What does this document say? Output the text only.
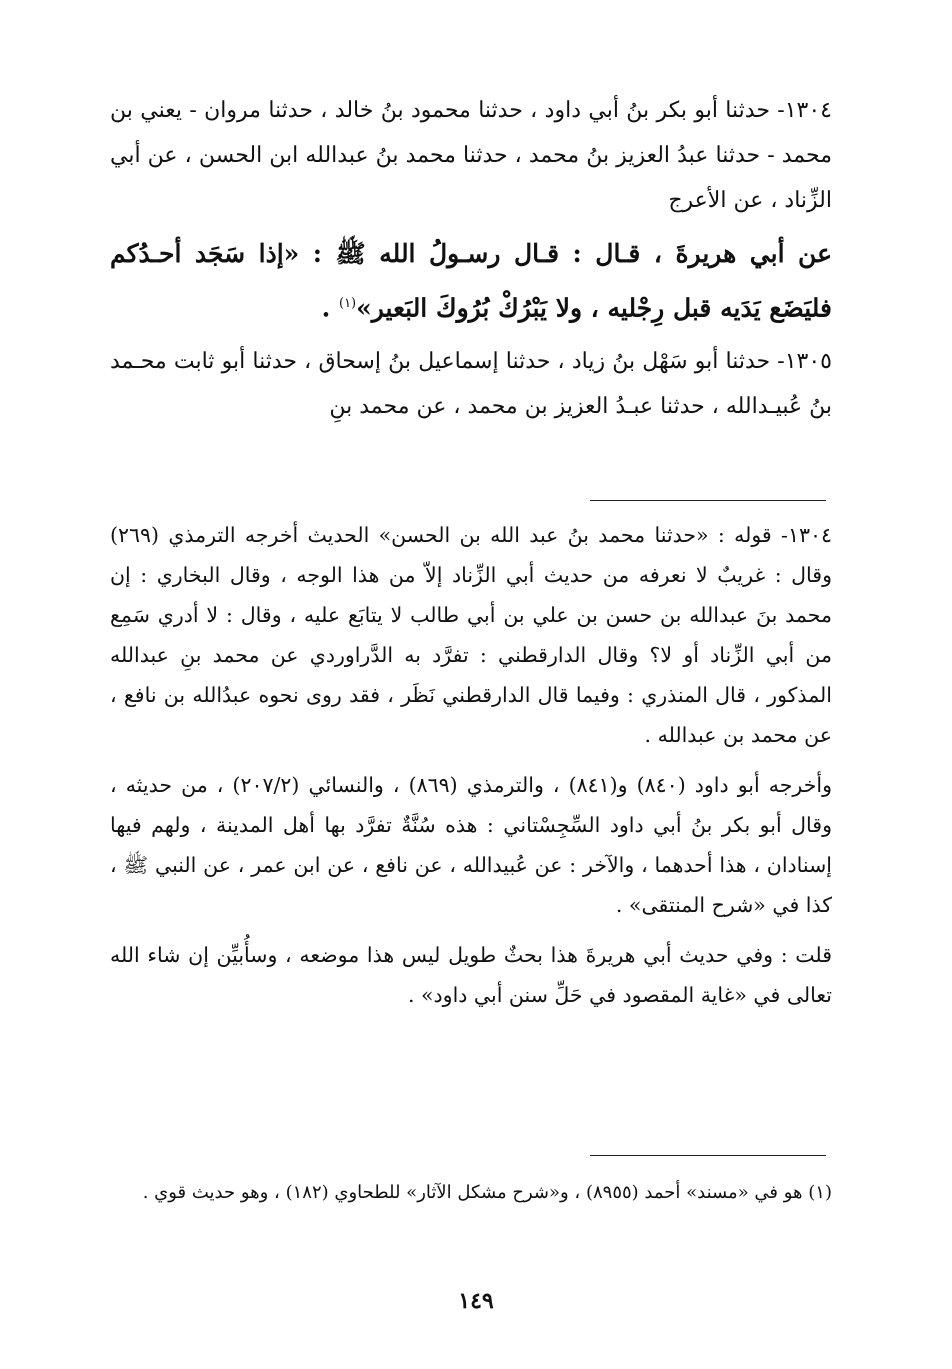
١٣٠٤- حدثنا أبو بكر بنُ أبي داود ، حدثنا محمود بنُ خالد ، حدثنا مروان - يعني بن محمد - حدثنا عبدُ العزيز بنُ محمد ، حدثنا محمد بنُ عبدالله ابن الحسن ، عن أبي الزِّناد ، عن الأعرج

عن أبي هريرةَ ، قـال : قـال رسـولُ الله ﷺ : «إذا سَجَد أحـدُكم فليَضَع يَدَيه قبل رِجْليه ، ولا يَبْرُكْ بُرُوكَ البَعير»$^{(١)}$ .

١٣٠٥- حدثنا أبو سَهْل بنُ زياد ، حدثنا إسماعيل بنُ إسحاق ، حدثنا أبو ثابت محـمد بنُ عُبيـدالله ، حدثنا عبـدُ العزيز بن محمد ، عن محمد بنِ

١٣٠٤- قوله : «حدثنا محمد بنُ عبد الله بن الحسن» الحديث أخرجه الترمذي (٢٦٩) وقال : غريبٌ لا نعرفه من حديث أبي الزِّناد إلاّ من هذا الوجه ، وقال البخاري : إن محمد بنَ عبدالله بن حسن بن علي بن أبي طالب لا يتابَع عليه ، وقال : لا أدري سَمِع من أبي الزِّناد أو لا؟ وقال الدارقطني : تفرَّد به الدَّراوردي عن محمد بنِ عبدالله المذكور ، قال المنذري : وفيما قال الدارقطني نَظَر ، فقد روى نحوه عبدُالله بن نافع ، عن محمد بن عبدالله .

وأخرجه أبو داود (٨٤٠) و(٨٤١) ، والترمذي (٨٦٩) ، والنسائي (٢٠٧/٢) ، من حديثه ، وقال أبو بكر بنُ أبي داود السِّجِسْتاني : هذه سُنَّةٌ تفرَّد بها أهل المدينة ، ولهم فيها إسنادان ، هذا أحدهما ، والآخر : عن عُبيدالله ، عن نافع ، عن ابن عمر ، عن النبي ﷺ ، كذا في «شرح المنتقى» .

قلت : وفي حديث أبي هريرةَ هذا بحثٌ طويل ليس هذا موضعه ، وسأُبيِّن إن شاء الله تعالى في «غاية المقصود في حَلِّ سنن أبي داود» .

(١) هو في «مسند» أحمد (٨٩٥٥) ، و«شرح مشكل الآثار» للطحاوي (١٨٢) ، وهو حديث قوي .

١٤٩
